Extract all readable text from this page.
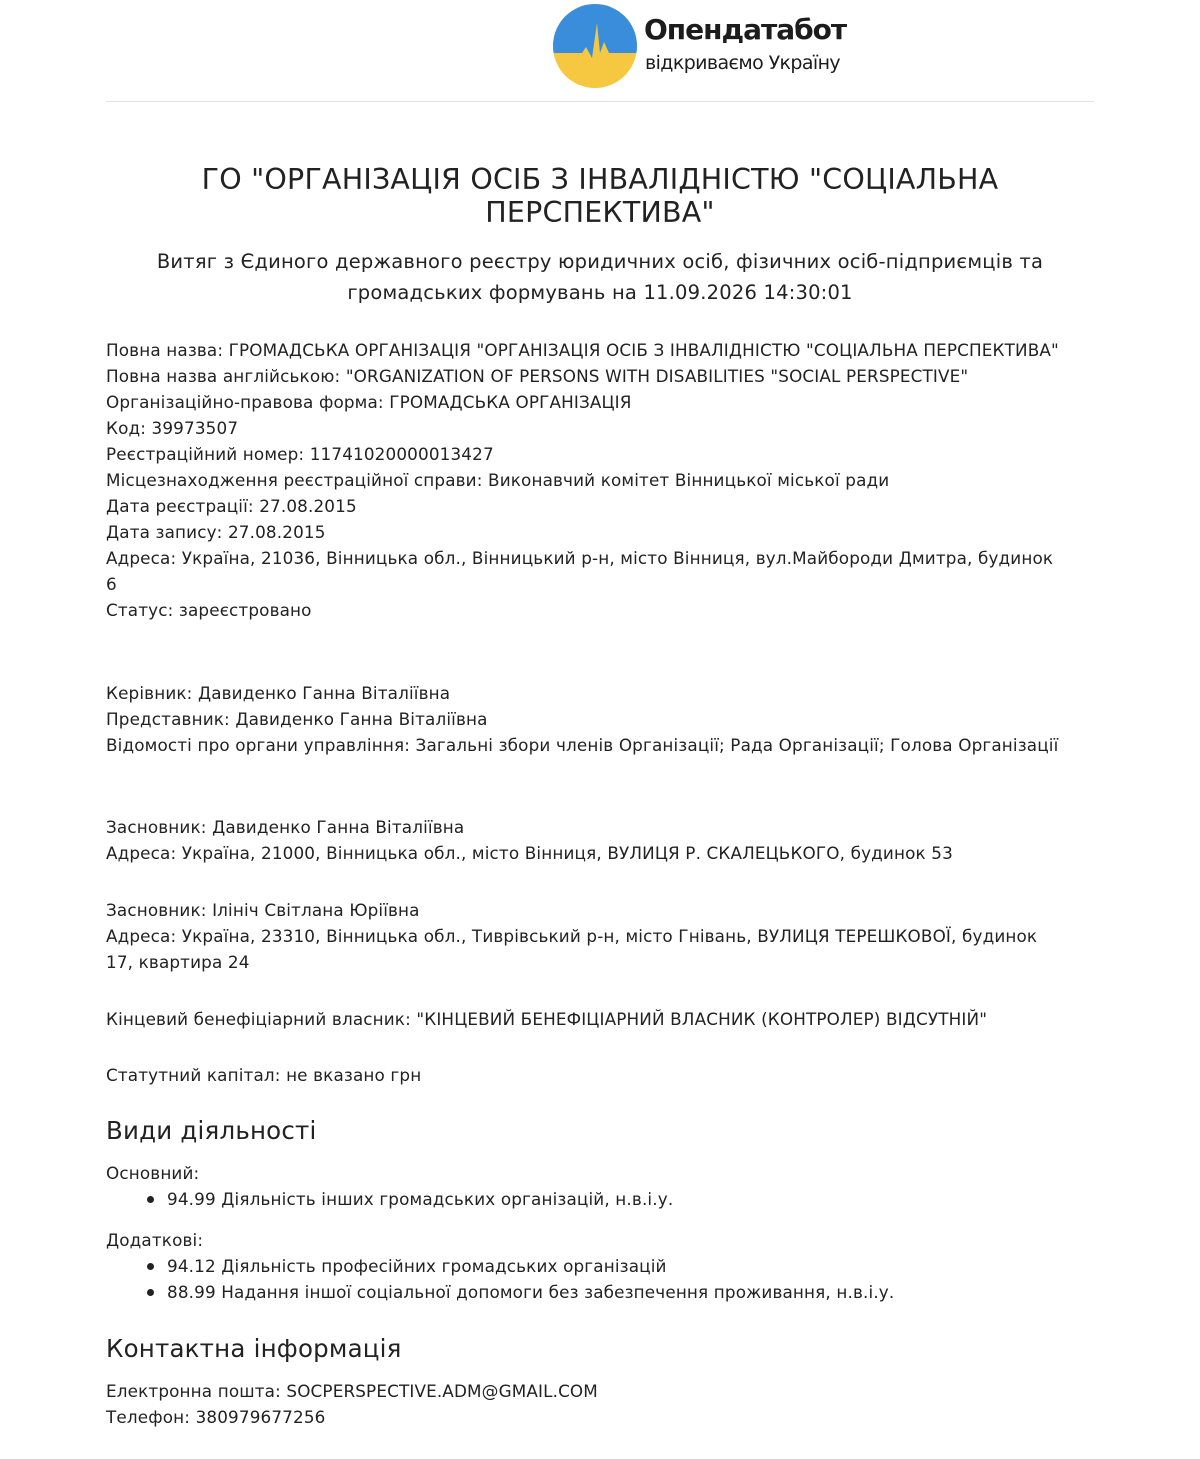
Опендатабот
відкриваємо Україну
ГО "ОРГАНІЗАЦІЯ ОСІБ З ІНВАЛІДНІСТЮ "СОЦІАЛЬНА ПЕРСПЕКТИВА"

Витяг з Єдиного державного реєстру юридичних осіб, фізичних осіб-підприємців та громадських формувань на 11.09.2026 14:30:01

Повна назва: ГРОМАДСЬКА ОРГАНІЗАЦІЯ "ОРГАНІЗАЦІЯ ОСІБ З ІНВАЛІДНІСТЮ "СОЦІАЛЬНА ПЕРСПЕКТИВА"

Повна назва англійською: "ORGANIZATION OF PERSONS WITH DISABILITIES "SOCIAL PERSPECTIVE"

Організаційно-правова форма: ГРОМАДСЬКА ОРГАНІЗАЦІЯ

Код: 39973507

Реєстраційний номер: 11741020000013427

Місцезнаходження реєстраційної справи: Виконавчий комітет Вінницької міської ради

Дата реєстрації: 27.08.2015

Дата запису: 27.08.2015

Адреса: Україна, 21036, Вінницька обл., Вінницький р-н, місто Вінниця, вул.Майбороди Дмитра, будинок 6

Статус: зареєстровано

Керівник: Давиденко Ганна Віталіївна

Представник: Давиденко Ганна Віталіївна

Відомості про органи управління: Загальні збори членів Організації; Рада Організації; Голова Організації

Засновник: Давиденко Ганна Віталіївна

Адреса: Україна, 21000, Вінницька обл., місто Вінниця, ВУЛИЦЯ Р. СКАЛЕЦЬКОГО, будинок 53

Засновник: Ілініч Світлана Юріївна

Адреса: Україна, 23310, Вінницька обл., Тиврівський р-н, місто Гнівань, ВУЛИЦЯ ТЕРЕШКОВОЇ, будинок 17, квартира 24

Кінцевий бенефіціарний власник: "КІНЦЕВИЙ БЕНЕФІЦІАРНИЙ ВЛАСНИК (КОНТРОЛЕР) ВІДСУТНІЙ"

Статутний капітал: не вказано грн

Види діяльності

Основний:

94.99 Діяльність інших громадських організацій, н.в.і.у.

Додаткові:

94.12 Діяльність професійних громадських організацій
88.99 Надання іншої соціальної допомоги без забезпечення проживання, н.в.і.у.
Контактна інформація

Електронна пошта: SOCPERSPECTIVE.ADM@GMAIL.COM

Телефон: 380979677256
